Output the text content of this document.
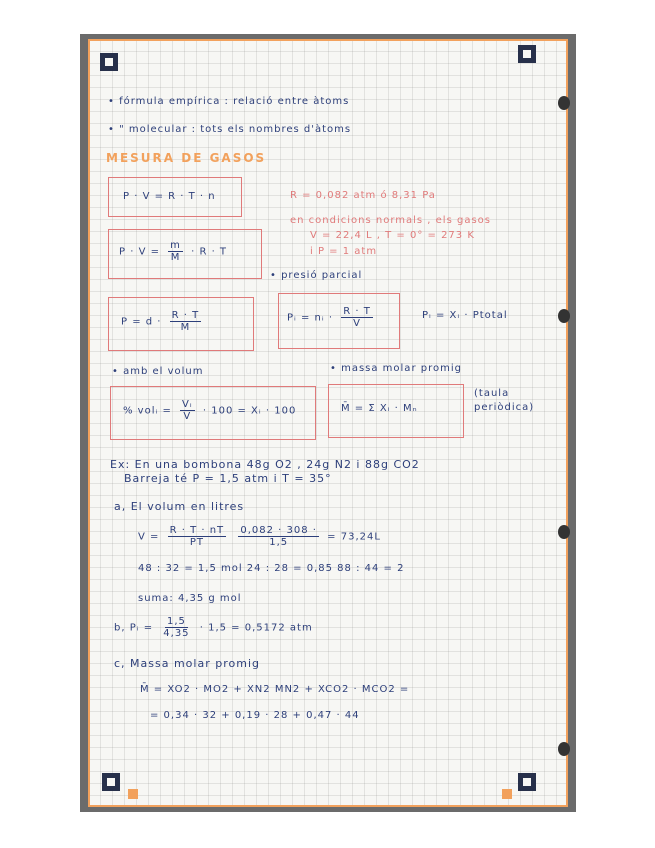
• fórmula empírica : relació entre àtoms
• " molecular : tots els nombres d'àtoms
MESURA DE GASOS
P · V = R · T · n
$P \cdot V = \frac{m}{M} \cdot R \cdot T$
R = 0,082 atm ó 8,31 Pa
en condicions normals , els gasos
V = 22,4 L , T = 0° = 273 K
i P = 1 atm
• presió parcial
$P = d \cdot \frac{R \cdot T}{M}$	Pᵢ = nᵢ · $\frac{R \cdot T}{V}$	Pᵢ = Xᵢ · Ptotal
• amb el volum	• massa molar promig
% volᵢ = $\frac{\text{Vᵢ}}{V} \cdot 100$ = Xᵢ · 100	M̄ = Σ Xᵢ · Mₙ
(taula
periòdica)
Ex: En una bombona 48g O2 , 24g N2 i 88g CO2
Barreja té P = 1,5 atm i T = 35°
a, El volum en litres
$V = \frac{R \cdot T \cdot nT}{PT}$
$\frac{0,082 \cdot 308 \cdot}{1,5} = 73,24L$
48 : 32 = 1,5 mol 24 : 28 = 0,85 88 : 44 = 2
suma: 4,35 g mol
b, Pᵢ = $\frac{1,5}{4,35} \cdot 1,5 = 0,5172$ atm
c, Massa molar promig
M̄ = XO2 · MO2 + XN2 MN2 + XCO2 · MCO2 =
= 0,34 · 32 + 0,19 · 28 + 0,47 · 44
